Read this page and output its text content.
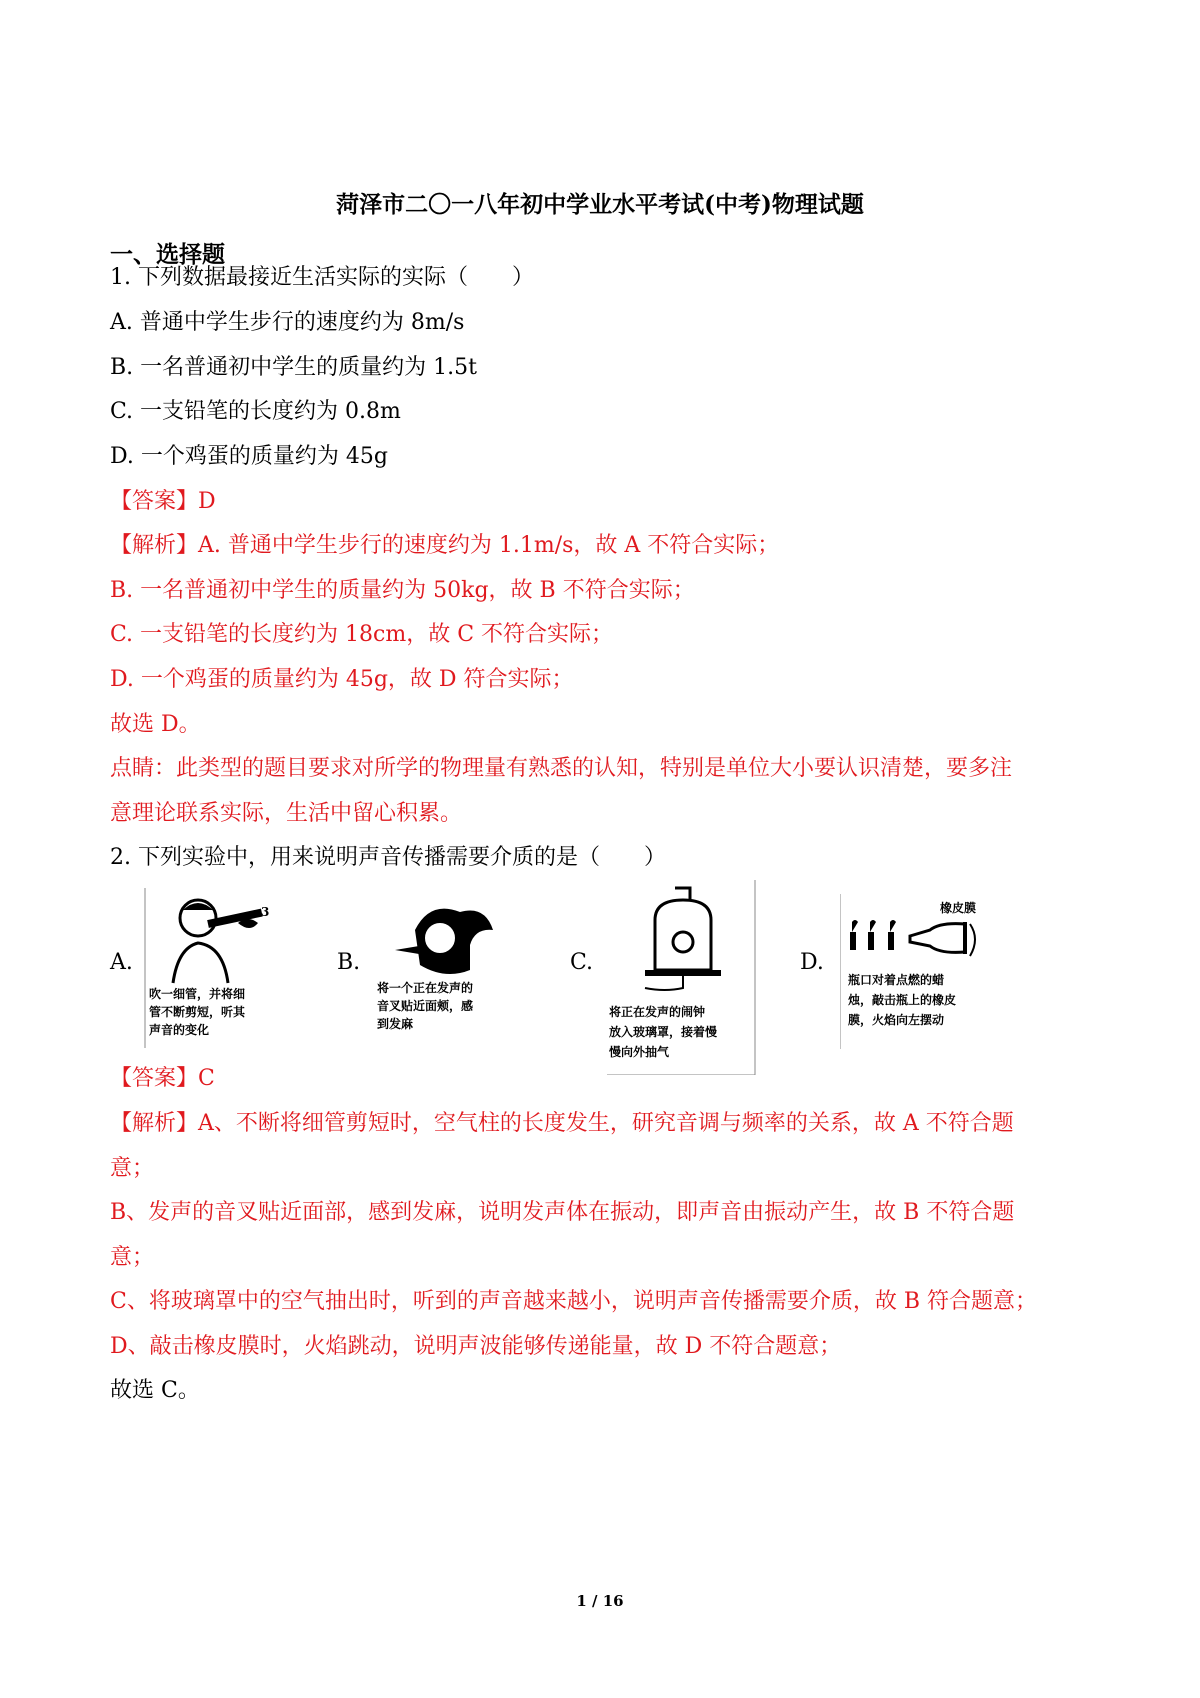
菏泽市二〇一八年初中学业水平考试(中考)物理试题
一、选择题
1. 下列数据最接近生活实际的实际（　　）
A. 普通中学生步行的速度约为 8m/s
B. 一名普通初中学生的质量约为 1.5t
C. 一支铅笔的长度约为 0.8m
D. 一个鸡蛋的质量约为 45g
【答案】D
【解析】A. 普通中学生步行的速度约为 1.1m/s，故 A 不符合实际；
B. 一名普通初中学生的质量约为 50kg，故 B 不符合实际；
C. 一支铅笔的长度约为 18cm，故 C 不符合实际；
D. 一个鸡蛋的质量约为 45g，故 D 符合实际；
故选 D。
点睛：此类型的题目要求对所学的物理量有熟悉的认知，特别是单位大小要认识清楚，要多注
意理论联系实际，生活中留心积累。
2. 下列实验中，用来说明声音传播需要介质的是（　　）
A.
3
吹一细管，并将细
管不断剪短，听其
声音的变化
B.
将一个正在发声的
音叉贴近面颊，感
到发麻
C.
将正在发声的闹钟
放入玻璃罩，接着慢
慢向外抽气
D.
橡皮膜
瓶口对着点燃的蜡
烛，敲击瓶上的橡皮
膜，火焰向左摆动
【答案】C
【解析】A、不断将细管剪短时，空气柱的长度发生，研究音调与频率的关系，故 A 不符合题
意；
B、发声的音叉贴近面部，感到发麻，说明发声体在振动，即声音由振动产生，故 B 不符合题
意；
C、将玻璃罩中的空气抽出时，听到的声音越来越小，说明声音传播需要介质，故 B 符合题意；
D、敲击橡皮膜时，火焰跳动，说明声波能够传递能量，故 D 不符合题意；
故选 C。
1 / 16
